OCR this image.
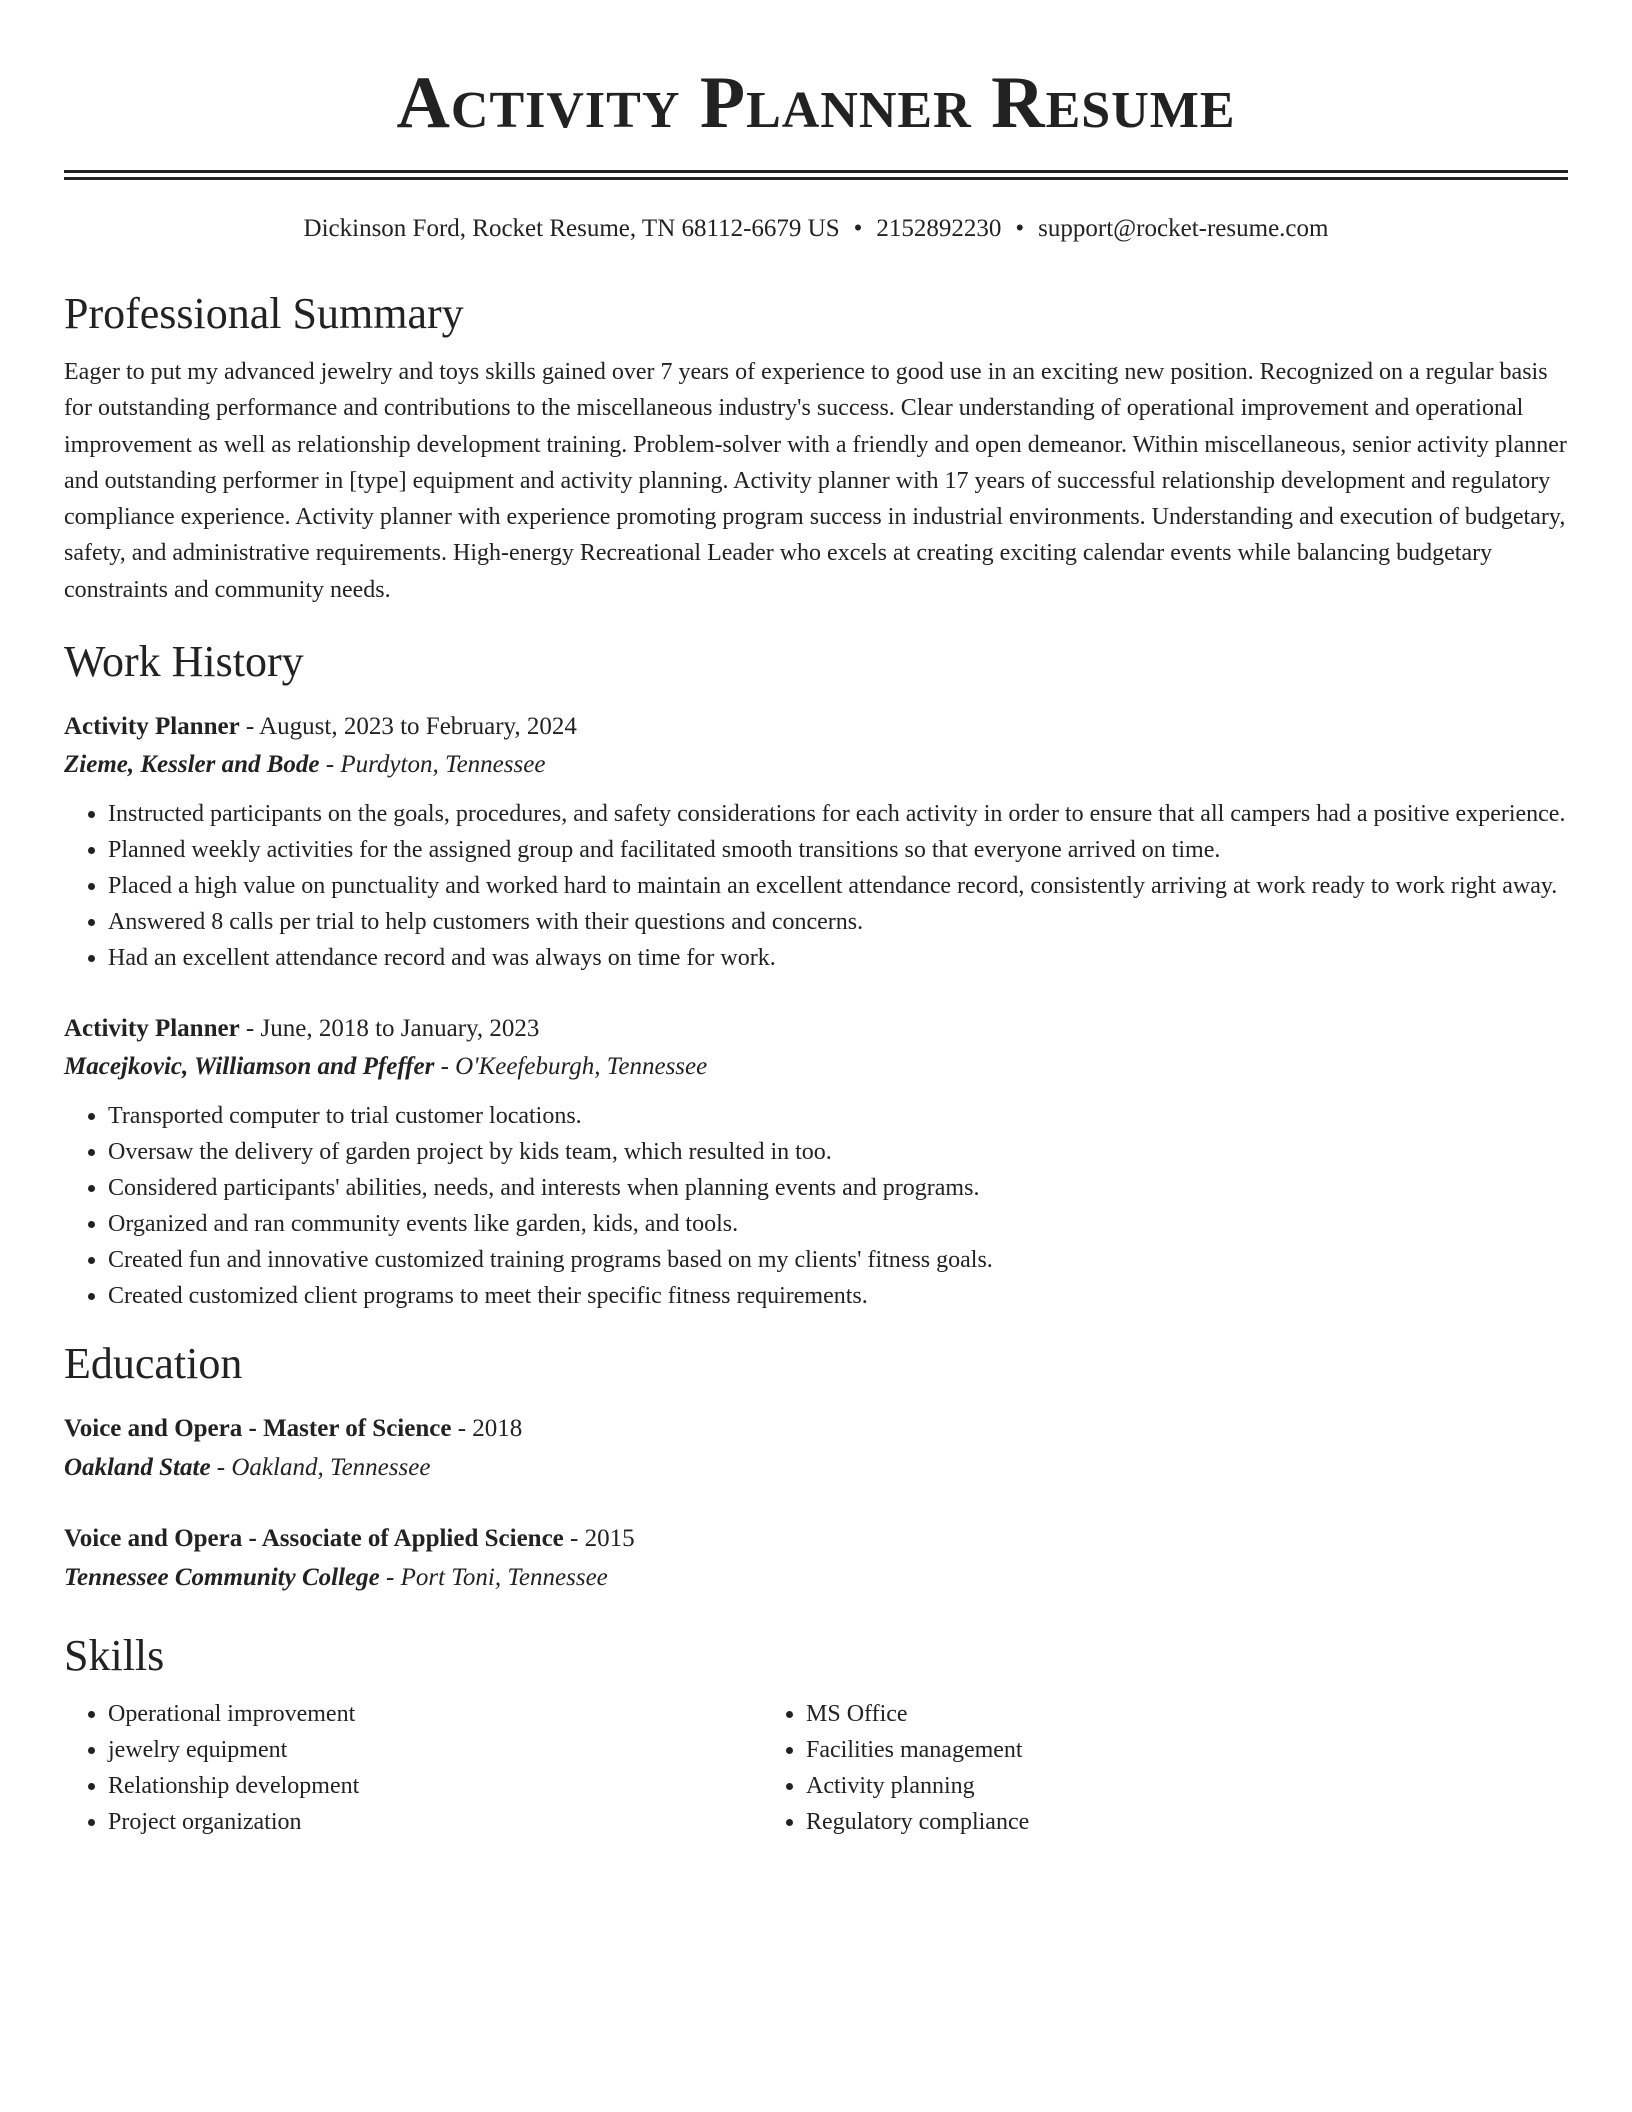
Activity Planner Resume
Dickinson Ford, Rocket Resume, TN 68112-6679 US • 2152892230 • support@rocket-resume.com
Professional Summary

Eager to put my advanced jewelry and toys skills gained over 7 years of experience to good use in an exciting new position. Recognized on a regular basis for outstanding performance and contributions to the miscellaneous industry's success. Clear understanding of operational improvement and operational improvement as well as relationship development training. Problem-solver with a friendly and open demeanor. Within miscellaneous, senior activity planner and outstanding performer in [type] equipment and activity planning. Activity planner with 17 years of successful relationship development and regulatory compliance experience. Activity planner with experience promoting program success in industrial environments. Understanding and execution of budgetary, safety, and administrative requirements. High-energy Recreational Leader who excels at creating exciting calendar events while balancing budgetary constraints and community needs.

Work History
Activity Planner - August, 2023 to February, 2024
Zieme, Kessler and Bode - Purdyton, Tennessee
• Instructed participants on the goals, procedures, and safety considerations for each activity in order to ensure that all campers had a positive experience.
• Planned weekly activities for the assigned group and facilitated smooth transitions so that everyone arrived on time.
• Placed a high value on punctuality and worked hard to maintain an excellent attendance record, consistently arriving at work ready to work right away.
• Answered 8 calls per trial to help customers with their questions and concerns.
• Had an excellent attendance record and was always on time for work.
Activity Planner - June, 2018 to January, 2023
Macejkovic, Williamson and Pfeffer - O'Keefeburgh, Tennessee
• Transported computer to trial customer locations.
• Oversaw the delivery of garden project by kids team, which resulted in too.
• Considered participants' abilities, needs, and interests when planning events and programs.
• Organized and ran community events like garden, kids, and tools.
• Created fun and innovative customized training programs based on my clients' fitness goals.
• Created customized client programs to meet their specific fitness requirements.
Education
Voice and Opera - Master of Science - 2018
Oakland State - Oakland, Tennessee
Voice and Opera - Associate of Applied Science - 2015
Tennessee Community College - Port Toni, Tennessee
Skills
• Operational improvement
• jewelry equipment
• Relationship development
• Project organization
• MS Office
• Facilities management
• Activity planning
• Regulatory compliance
